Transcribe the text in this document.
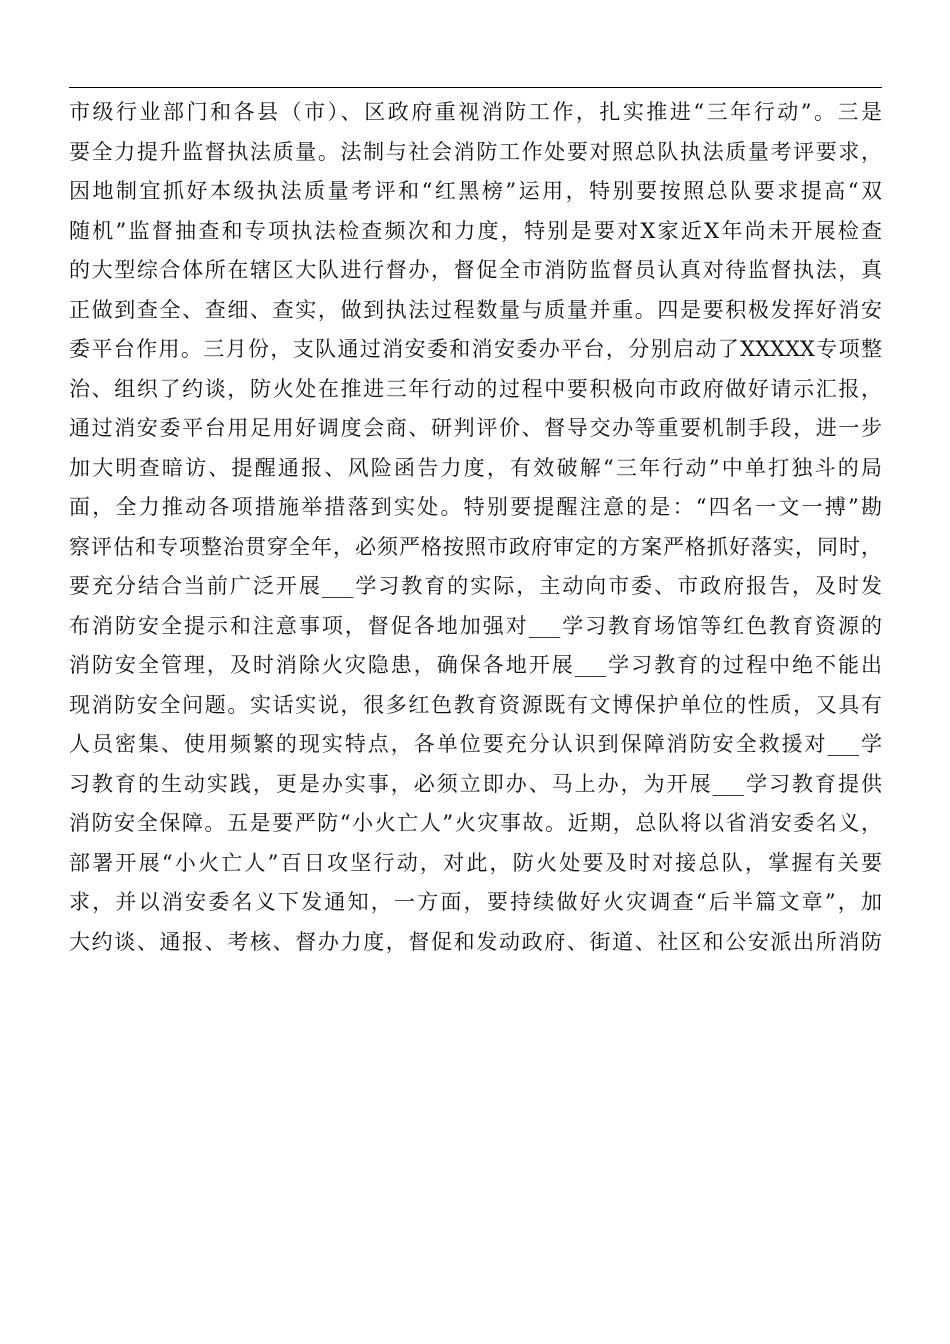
市级行业部门和各县（市）、区政府重视消防工作，扎实推进“三年行动”。三是
要全力提升监督执法质量。法制与社会消防工作处要对照总队执法质量考评要求，
因地制宜抓好本级执法质量考评和“红黑榜”运用，特别要按照总队要求提高“双
随机”监督抽查和专项执法检查频次和力度，特别是要对X家近X年尚未开展检查
的大型综合体所在辖区大队进行督办，督促全市消防监督员认真对待监督执法，真
正做到查全、查细、查实，做到执法过程数量与质量并重。四是要积极发挥好消安
委平台作用。三月份，支队通过消安委和消安委办平台，分别启动了XXXXX专项整
治、组织了约谈，防火处在推进三年行动的过程中要积极向市政府做好请示汇报，
通过消安委平台用足用好调度会商、研判评价、督导交办等重要机制手段，进一步
加大明查暗访、提醒通报、风险函告力度，有效破解“三年行动”中单打独斗的局
面，全力推动各项措施举措落到实处。特别要提醒注意的是：“四名一文一搏”勘
察评估和专项整治贯穿全年，必须严格按照市政府审定的方案严格抓好落实，同时，
要充分结合当前广泛开展___学习教育的实际，主动向市委、市政府报告，及时发
布消防安全提示和注意事项，督促各地加强对___学习教育场馆等红色教育资源的
消防安全管理，及时消除火灾隐患，确保各地开展___学习教育的过程中绝不能出
现消防安全问题。实话实说，很多红色教育资源既有文博保护单位的性质，又具有
人员密集、使用频繁的现实特点，各单位要充分认识到保障消防安全救援对___学
习教育的生动实践，更是办实事，必须立即办、马上办，为开展___学习教育提供
消防安全保障。五是要严防“小火亡人”火灾事故。近期，总队将以省消安委名义，
部署开展“小火亡人”百日攻坚行动，对此，防火处要及时对接总队，掌握有关要
求，并以消安委名义下发通知，一方面，要持续做好火灾调查“后半篇文章”，加
大约谈、通报、考核、督办力度，督促和发动政府、街道、社区和公安派出所消防
